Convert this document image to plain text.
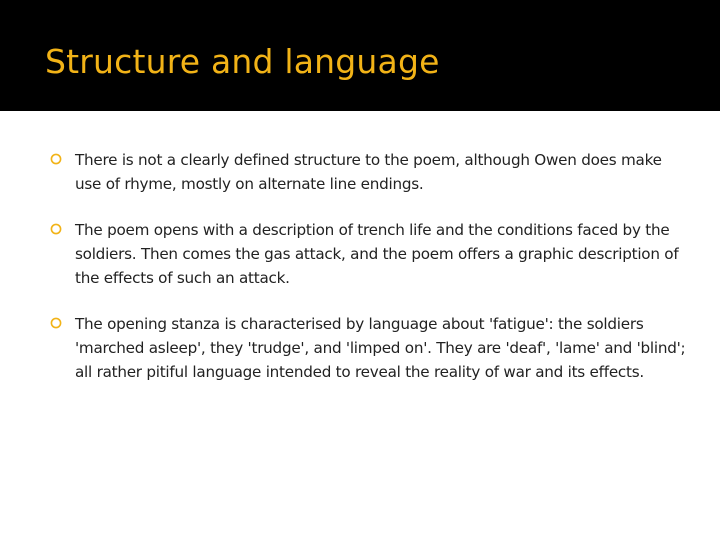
Structure and language
There is not a clearly defined structure to the poem, although Owen does make use of rhyme, mostly on alternate line endings.
The poem opens with a description of trench life and the conditions faced by the soldiers. Then comes the gas attack, and the poem offers a graphic description of the effects of such an attack.
The opening stanza is characterised by language about 'fatigue': the soldiers 'marched asleep', they 'trudge', and 'limped on'. They are 'deaf', 'lame' and 'blind'; all rather pitiful language intended to reveal the reality of war and its effects.
